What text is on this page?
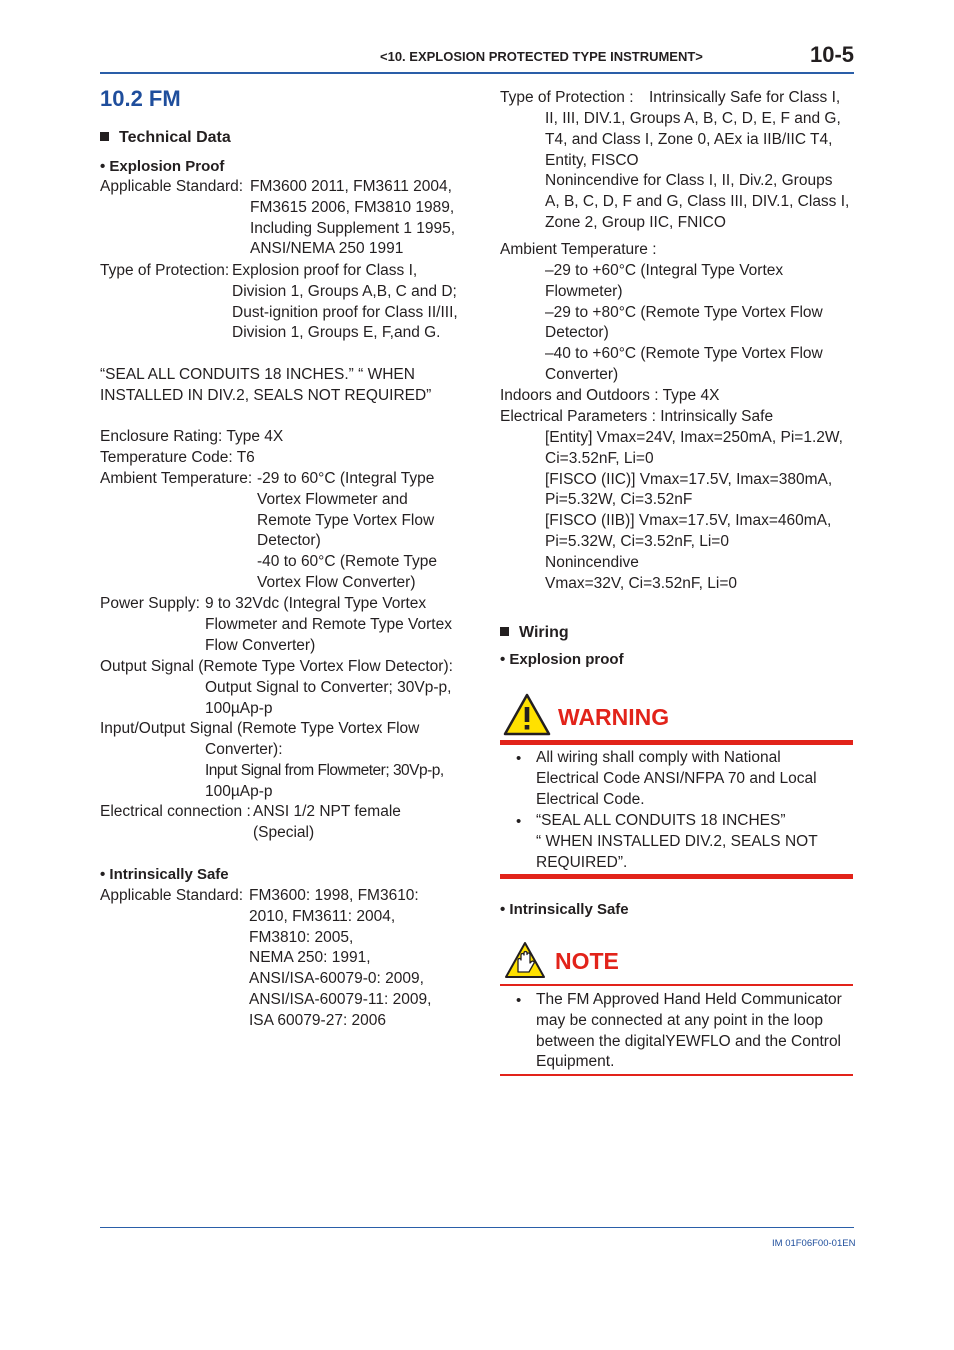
<10. EXPLOSION PROTECTED TYPE INSTRUMENT>	10-5
10.2 FM
Technical Data
• Explosion Proof
Applicable Standard: FM3600 2011, FM3611 2004,
FM3615 2006, FM3810 1989,
Including Supplement 1 1995,
ANSI/NEMA 250 1991
Type of Protection: Explosion proof for Class I,
Division 1, Groups A,B, C and D;
Dust-ignition proof for Class II/III,
Division 1, Groups E, F,and G.
“SEAL ALL CONDUITS 18 INCHES.” “ WHEN
INSTALLED IN DIV.2, SEALS NOT REQUIRED”
Enclosure Rating: Type 4X
Temperature Code: T6
Ambient Temperature: -29 to 60°C (Integral Type
Vortex Flowmeter and
Remote Type Vortex Flow
Detector)
-40 to 60°C (Remote Type
Vortex Flow Converter)
Power Supply: 9 to 32Vdc (Integral Type Vortex
Flowmeter and Remote Type Vortex
Flow Converter)
Output Signal (Remote Type Vortex Flow Detector):
Output Signal to Converter; 30Vp-p,
100µAp-p
Input/Output Signal (Remote Type Vortex Flow
Converter):
Input Signal from Flowmeter; 30Vp-p,
100µAp-p
Electrical connection : ANSI 1/2 NPT female
(Special)
• Intrinsically Safe
Applicable Standard: FM3600: 1998, FM3610:
2010, FM3611: 2004,
FM3810: 2005,
NEMA 250: 1991,
ANSI/ISA-60079-0: 2009,
ANSI/ISA-60079-11: 2009,
ISA 60079-27: 2006
Type of Protection : Intrinsically Safe for Class I,
II, III, DIV.1, Groups A, B, C, D, E, F and G,
T4, and Class I, Zone 0, AEx ia IIB/IIC T4,
Entity, FISCO
Nonincendive for Class I, II, Div.2, Groups
A, B, C, D, F and G, Class III, DIV.1, Class I,
Zone 2, Group IIC, FNICO
Ambient Temperature :
–29 to +60°C (Integral Type Vortex
Flowmeter)
–29 to +80°C (Remote Type Vortex Flow
Detector)
–40 to +60°C (Remote Type Vortex Flow
Converter)
Indoors and Outdoors : Type 4X
Electrical Parameters : Intrinsically Safe
[Entity] Vmax=24V, Imax=250mA, Pi=1.2W,
Ci=3.52nF, Li=0
[FISCO (IIC)] Vmax=17.5V, Imax=380mA,
Pi=5.32W, Ci=3.52nF
[FISCO (IIB)] Vmax=17.5V, Imax=460mA,
Pi=5.32W, Ci=3.52nF, Li=0
Nonincendive
Vmax=32V, Ci=3.52nF, Li=0
Wiring
• Explosion proof
WARNING
• All wiring shall comply with National
Electrical Code ANSI/NFPA 70 and Local
Electrical Code.
• “SEAL ALL CONDUITS 18 INCHES”
“ WHEN INSTALLED DIV.2, SEALS NOT
REQUIRED”.
• Intrinsically Safe
NOTE
• The FM Approved Hand Held Communicator
may be connected at any point in the loop
between the digitalYEWFLO and the Control
Equipment.
IM 01F06F00-01EN
